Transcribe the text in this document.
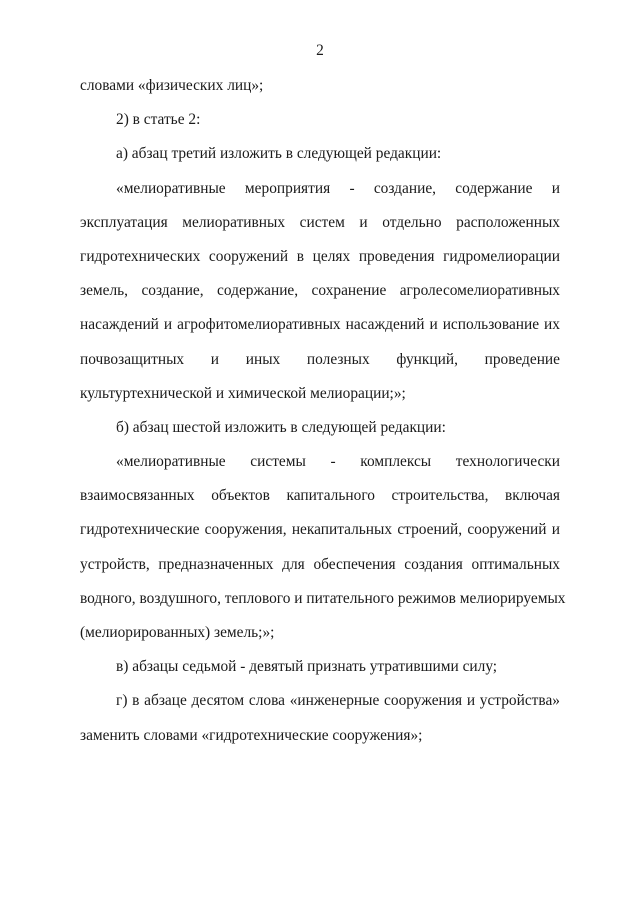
2
словами «физических лиц»;
2) в статье 2:
а) абзац третий изложить в следующей редакции:
«мелиоративные мероприятия - создание, содержание и
эксплуатация мелиоративных систем и отдельно расположенных
гидротехнических сооружений в целях проведения гидромелиорации
земель, создание, содержание, сохранение агролесомелиоративных
насаждений и агрофитомелиоративных насаждений и использование их
почвозащитных и иных полезных функций, проведение
культуртехнической и химической мелиорации;»;
б) абзац шестой изложить в следующей редакции:
«мелиоративные системы - комплексы технологически
взаимосвязанных объектов капитального строительства, включая
гидротехнические сооружения, некапитальных строений, сооружений и
устройств, предназначенных для обеспечения создания оптимальных
водного, воздушного, теплового и питательного режимов мелиорируемых
(мелиорированных) земель;»;
в) абзацы седьмой - девятый признать утратившими силу;
г) в абзаце десятом слова «инженерные сооружения и устройства»
заменить словами «гидротехнические сооружения»;
